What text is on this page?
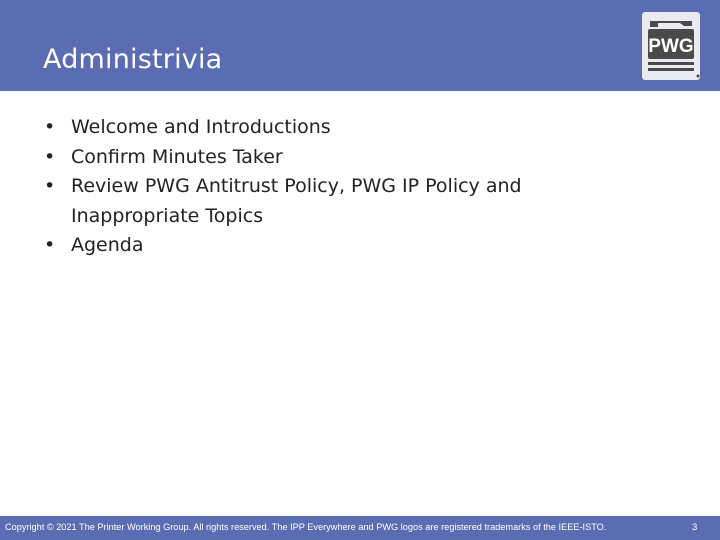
Administrivia	PWG
• Welcome and Introductions
• Confirm Minutes Taker
• Review PWG Antitrust Policy, PWG IP Policy and Inappropriate Topics
• Agenda
Copyright © 2021 The Printer Working Group. All rights reserved. The IPP Everywhere and PWG logos are registered trademarks of the IEEE-ISTO.	3
